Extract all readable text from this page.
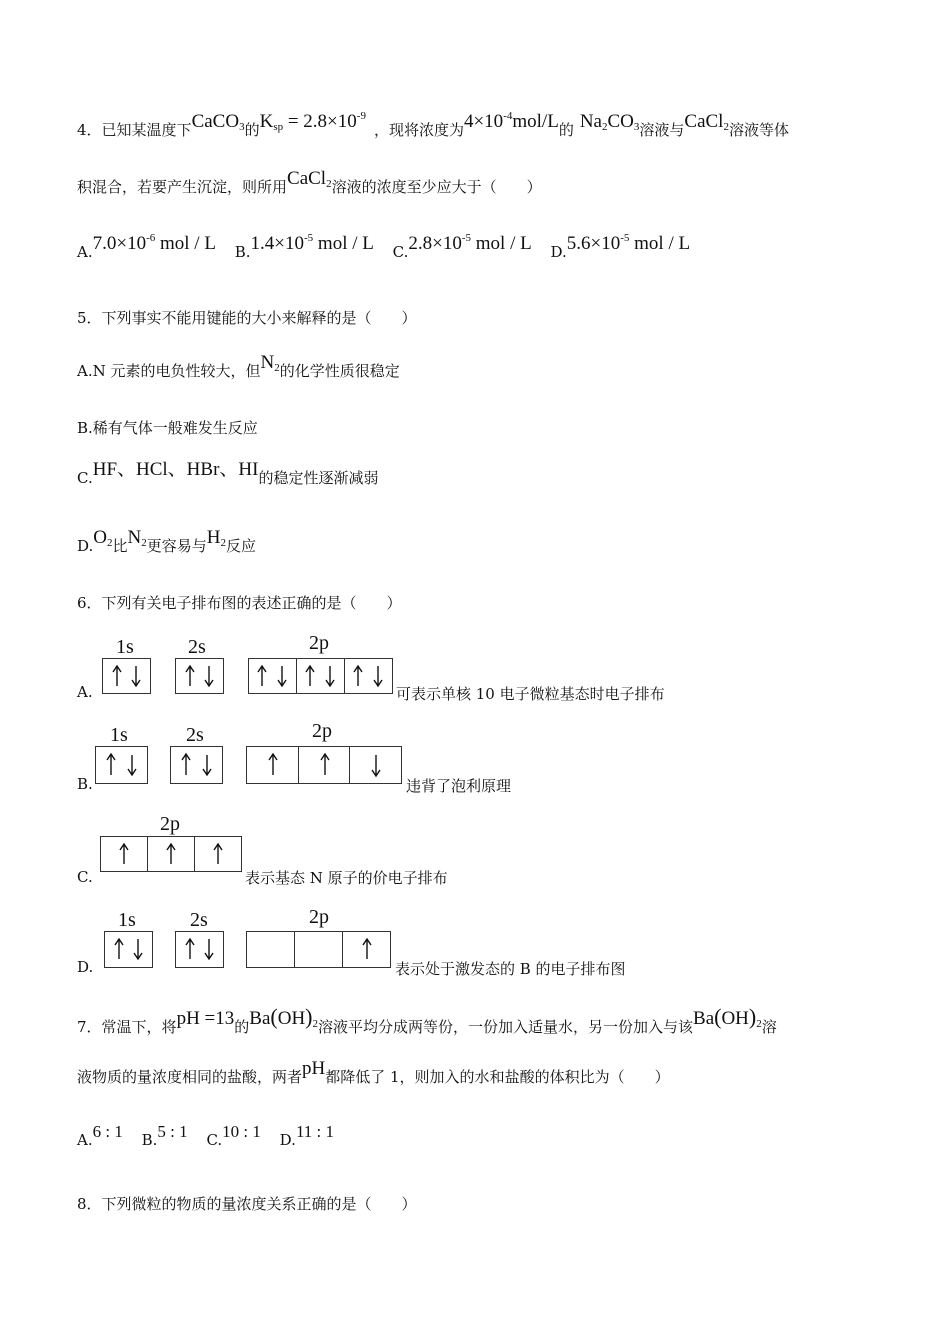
4．已知某温度下CaCO$_3$的$K_{sp} = 2.8\times 10^{-9}$，现将浓度为$4\times 10^{-4}mol/L$的 $Na_2CO_3$溶液与CaCl$_2$溶液等体
积混合，若要产生沉淀，则所用CaCl$_2$溶液的浓度至少应大于（　　）
$A.7.0\times 10^{-6}$ mol / L $B.1.4\times 10^{-5}$ mol / L $C.2.8\times 10^{-5}$ mol / L $D.5.6\times 10^{-5}$ mol / L
5．下列事实不能用键能的大小来解释的是（　　）
A.N 元素的电负性较大，但$N_2$的化学性质很稳定
B.稀有气体一般难发生反应
C.HF、HCl、HBr、HI的稳定性逐渐减弱
$D.O_2$比$N_2$更容易与$H_2$反应
6．下列有关电子排布图的表述正确的是（　　）
A.
1s	2s	2p
可表示单核 10 电子微粒基态时电子排布
B.
1s	2s	2p
违背了泡利原理
C.
2p
表示基态 N 原子的价电子排布
D.
1s	2s	2p
表示处于激发态的 B 的电子排布图
7．常温下，将pH =13的$Ba(OH)_2$溶液平均分成两等份，一份加入适量水，另一份加入与该$Ba(OH)_2$溶
液物质的量浓度相同的盐酸，两者pH都降低了 1，则加入的水和盐酸的体积比为（　　）
A.6 : 1 B.5 : 1 C.10 : 1 D.11 : 1
8．下列微粒的物质的量浓度关系正确的是（　　）
